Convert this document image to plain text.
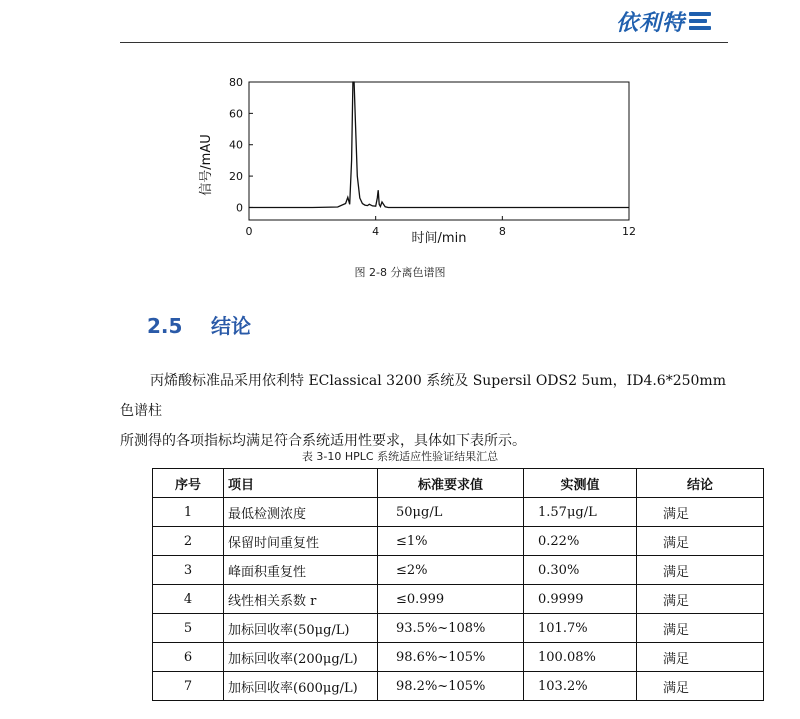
依利特
0	4	8	12
0
20
40
60
80
信号/mAU
时间/min
图 2-8 分离色谱图
2.5 结论

丙烯酸标准品采用依利特 EClassical 3200 系统及 Supersil ODS2 5um，ID4.6*250mm 色谱柱

所测得的各项指标均满足符合系统适用性要求，具体如下表所示。

表 3-10 HPLC 系统适应性验证结果汇总
序号	项目	标准要求值	实测值	结论
1	最低检测浓度	50μg/L	1.57μg/L	满足
2	保留时间重复性	≤1%	0.22%	满足
3	峰面积重复性	≤2%	0.30%	满足
4	线性相关系数 r	≤0.999	0.9999	满足
5	加标回收率(50μg/L)	93.5%~108%	101.7%	满足
6	加标回收率(200μg/L)	98.6%~105%	100.08%	满足
7	加标回收率(600μg/L)	98.2%~105%	103.2%	满足
